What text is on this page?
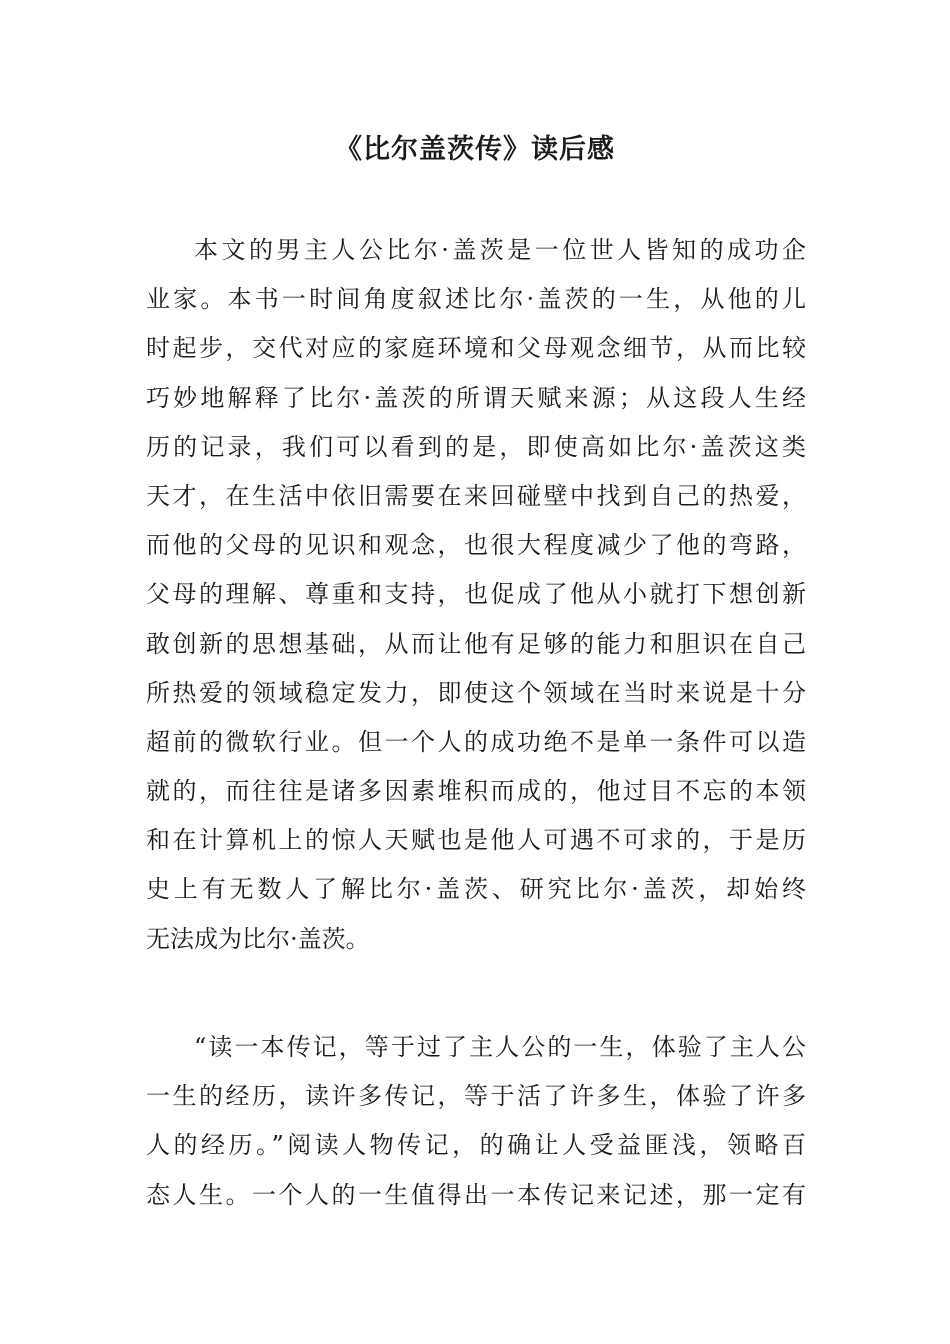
《比尔盖茨传》读后感
本文的男主人公比尔·盖茨是一位世人皆知的成功企
业家。本书一时间角度叙述比尔·盖茨的一生，从他的儿
时起步，交代对应的家庭环境和父母观念细节，从而比较
巧妙地解释了比尔·盖茨的所谓天赋来源；从这段人生经
历的记录，我们可以看到的是，即使高如比尔·盖茨这类
天才，在生活中依旧需要在来回碰壁中找到自己的热爱，
而他的父母的见识和观念，也很大程度减少了他的弯路，
父母的理解、尊重和支持，也促成了他从小就打下想创新
敢创新的思想基础，从而让他有足够的能力和胆识在自己
所热爱的领域稳定发力，即使这个领域在当时来说是十分
超前的微软行业。但一个人的成功绝不是单一条件可以造
就的，而往往是诸多因素堆积而成的，他过目不忘的本领
和在计算机上的惊人天赋也是他人可遇不可求的，于是历
史上有无数人了解比尔·盖茨、研究比尔·盖茨，却始终
无法成为比尔·盖茨。
“读一本传记，等于过了主人公的一生，体验了主人公
一生的经历，读许多传记，等于活了许多生，体验了许多
人的经历。”阅读人物传记，的确让人受益匪浅，领略百
态人生。一个人的一生值得出一本传记来记述，那一定有
